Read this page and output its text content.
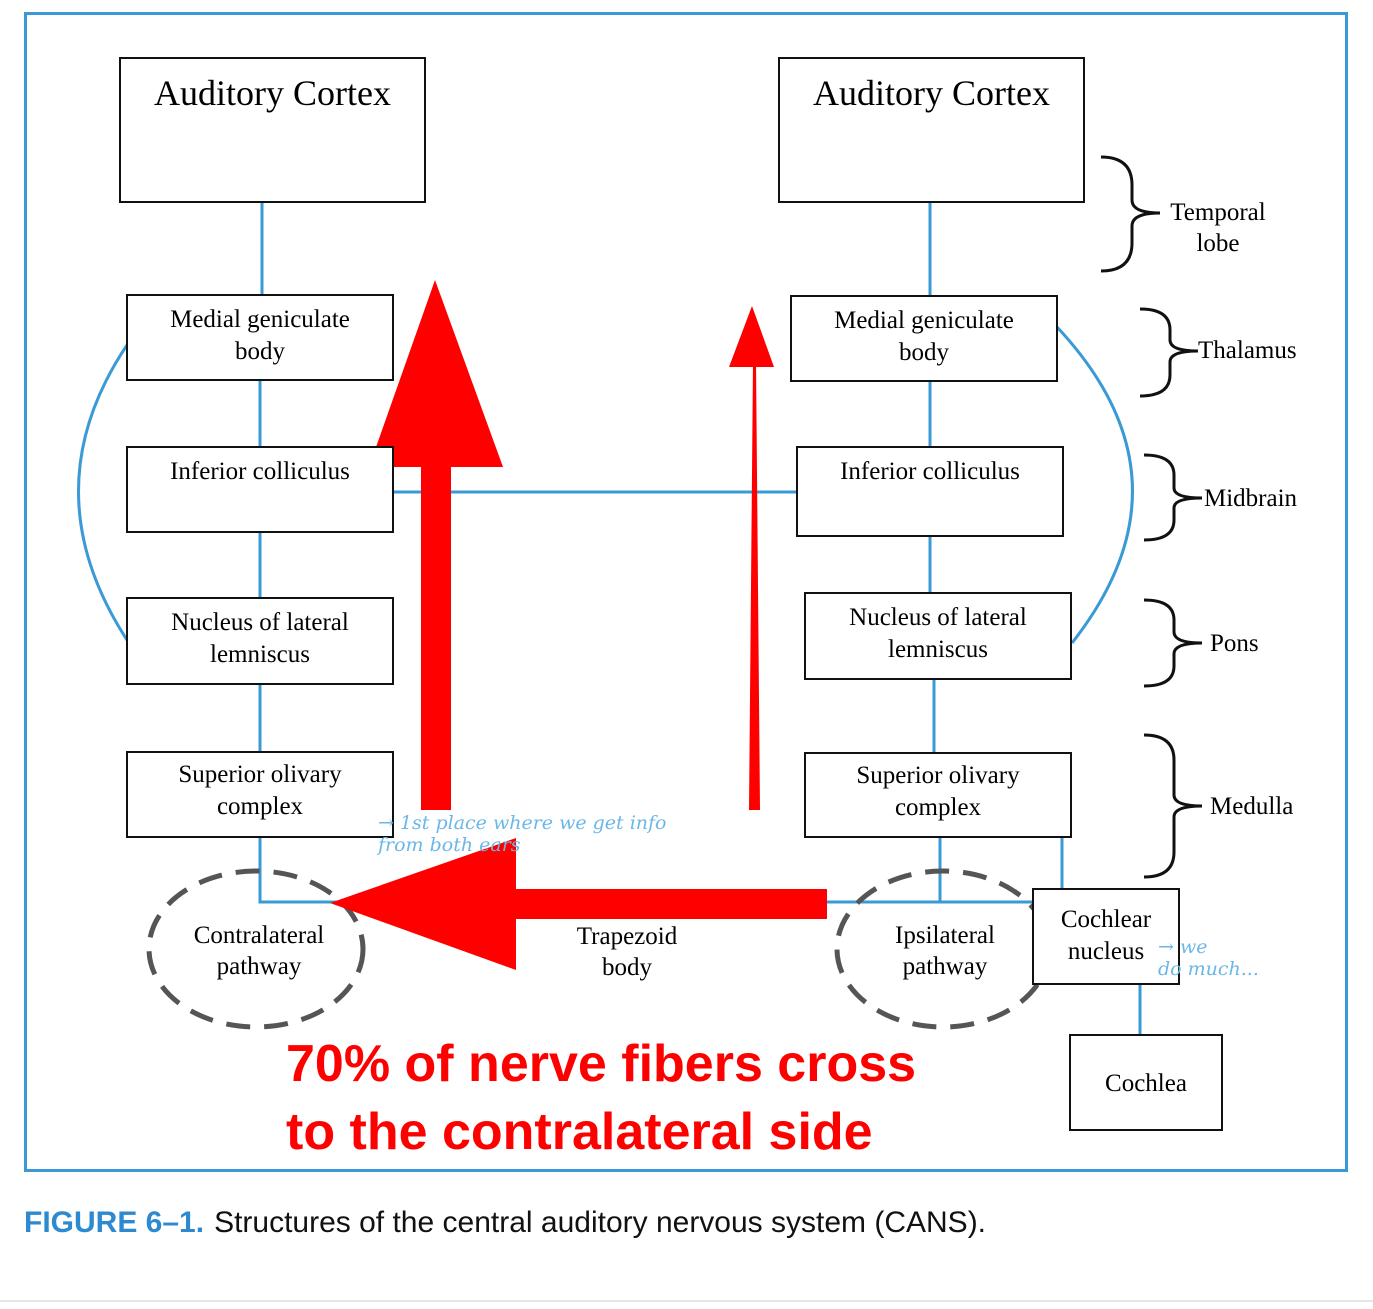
Auditory Cortex
Medial geniculate
body
Inferior colliculus
Nucleus of lateral
lemniscus
Superior olivary
complex
Auditory Cortex
Medial geniculate
body
Inferior colliculus
Nucleus of lateral
lemniscus
Superior olivary
complex
Cochlear
nucleus
Cochlea
Temporal
lobe
Thalamus
Midbrain
Pons
Medulla
Contralateral
pathway
Trapezoid
body
Ipsilateral
pathway
→ 1st place where we get info
from both ears
→ we
do much...
70% of nerve fibers cross
to the contralateral side
FIGURE 6–1. Structures of the central auditory nervous system (CANS).
